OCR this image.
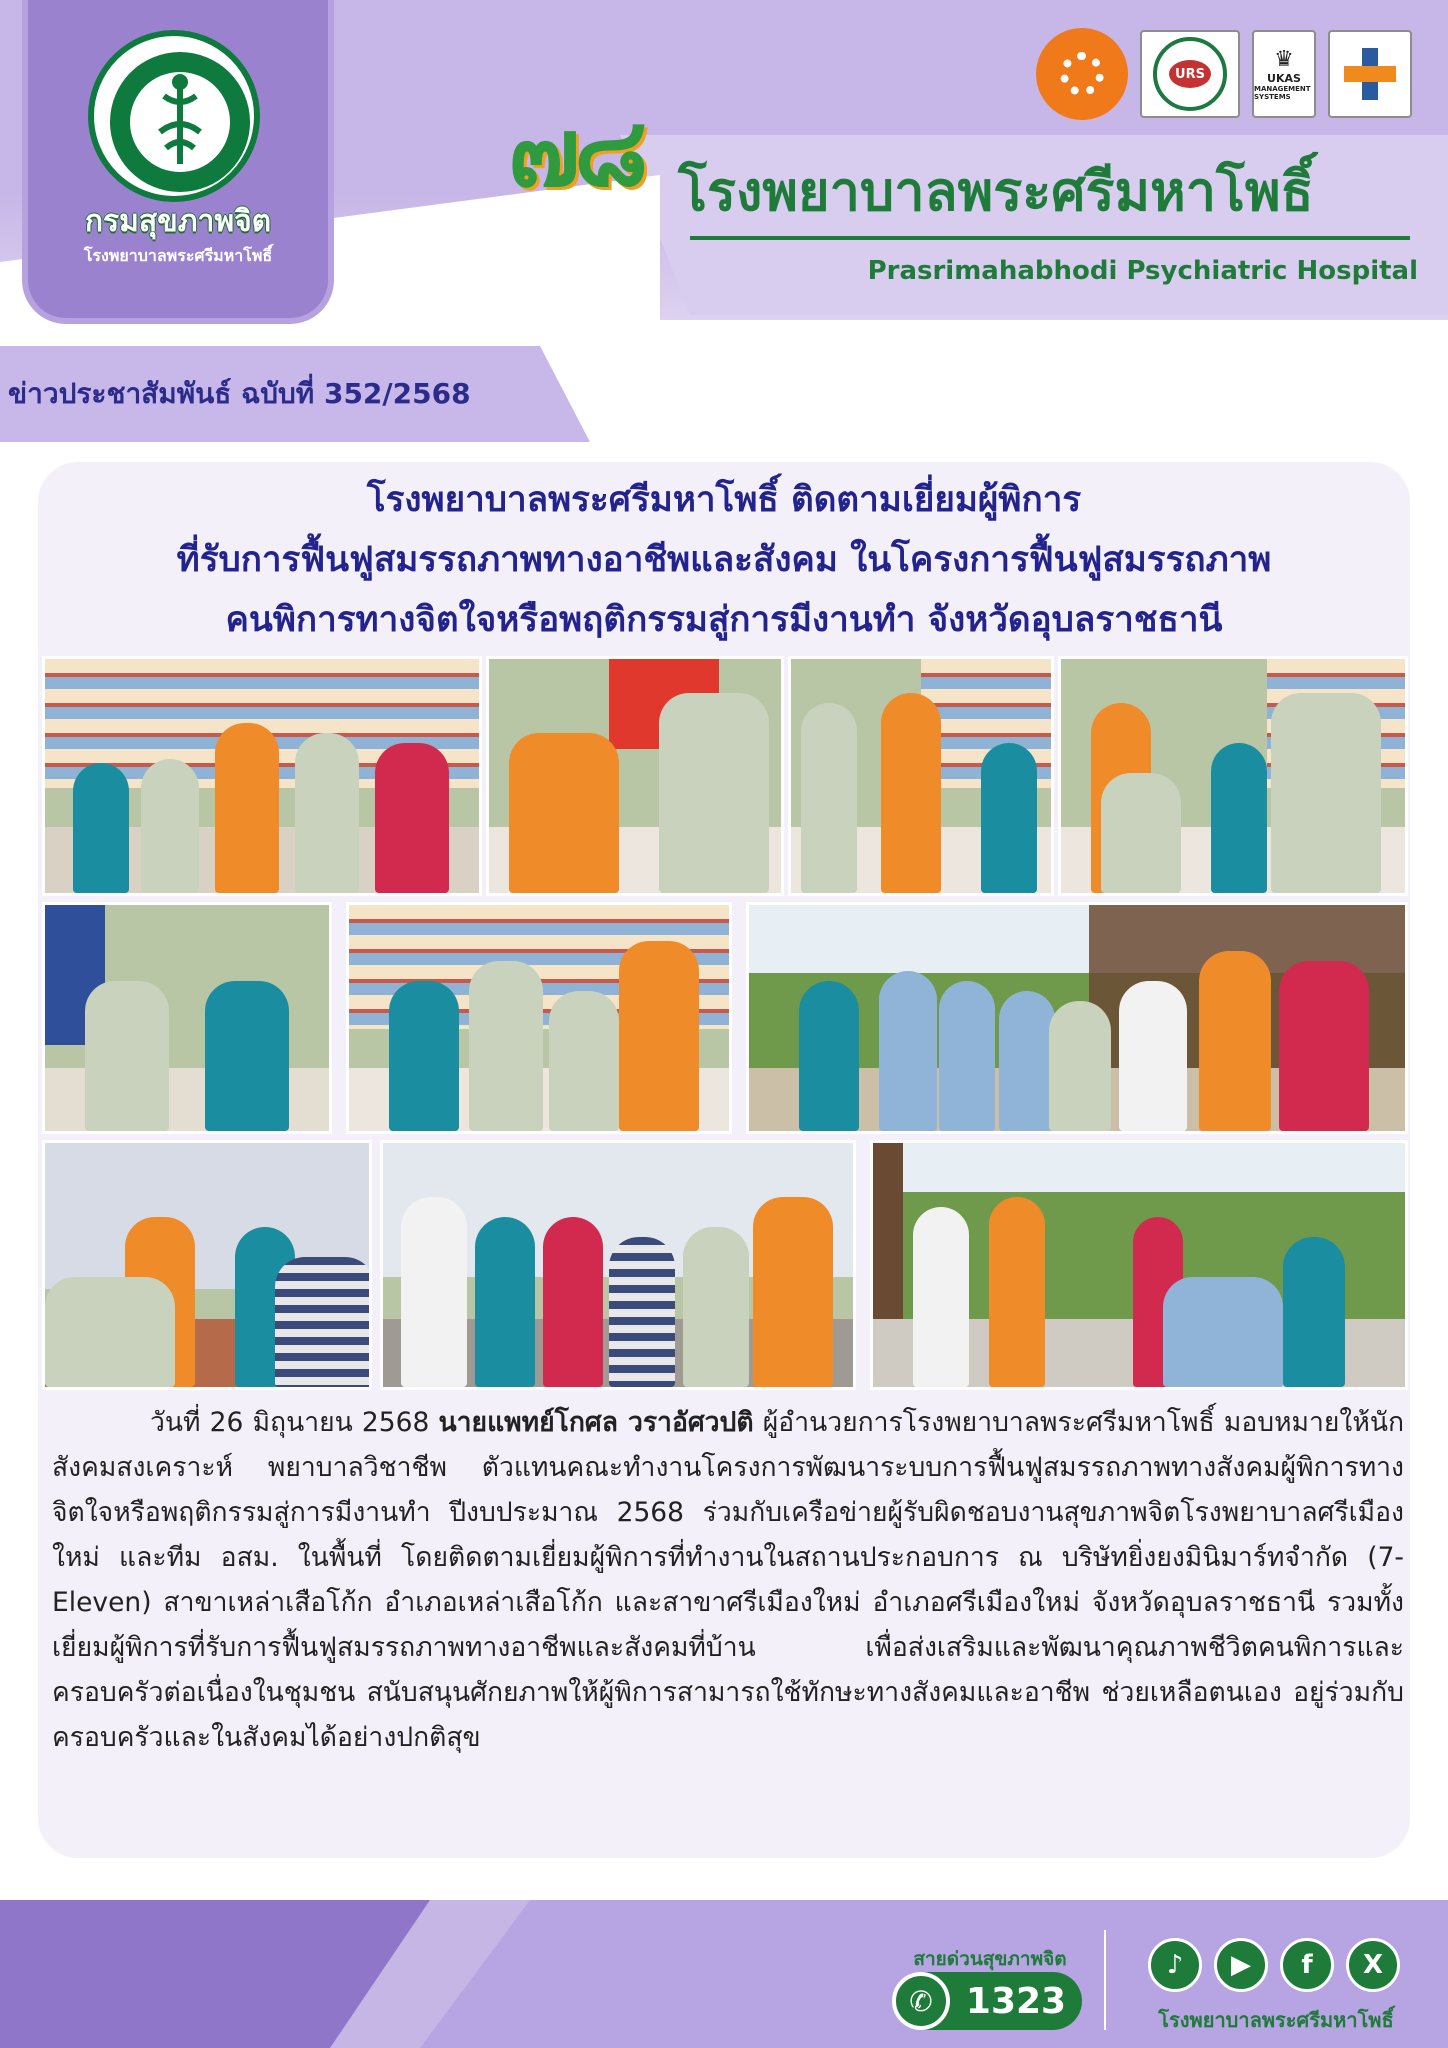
กรมสุขภาพจิต
โรงพยาบาลพระศรีมหาโพธิ์
๗๘ โรงพยาบาลพระศรีมหาโพธิ์
Prasrimahabhodi Psychiatric Hospital
URS
♛
UKAS
MANAGEMENT SYSTEMS
ข่าวประชาสัมพันธ์ ฉบับที่ 352/2568
โรงพยาบาลพระศรีมหาโพธิ์ ติดตามเยี่ยมผู้พิการ
ที่รับการฟื้นฟูสมรรถภาพทางอาชีพและสังคม ในโครงการฟื้นฟูสมรรถภาพ
คนพิการทางจิตใจหรือพฤติกรรมสู่การมีงานทำ จังหวัดอุบลราชธานี
วันที่ 26 มิถุนายน 2568 นายแพทย์โกศล วราอัศวปติ ผู้อำนวยการโรงพยาบาลพระศรีมหาโพธิ์ มอบหมายให้นักสังคมสงเคราะห์ พยาบาลวิชาชีพ ตัวแทนคณะทำงานโครงการพัฒนาระบบการฟื้นฟูสมรรถภาพทางสังคมผู้พิการทางจิตใจหรือพฤติกรรมสู่การมีงานทำ ปีงบประมาณ 2568 ร่วมกับเครือข่ายผู้รับผิดชอบงานสุขภาพจิตโรงพยาบาลศรีเมืองใหม่ และทีม อสม. ในพื้นที่ โดยติดตามเยี่ยมผู้พิการที่ทำงานในสถานประกอบการ ณ บริษัทยิ่งยงมินิมาร์ทจำกัด (7-Eleven) สาขาเหล่าเสือโก้ก อำเภอเหล่าเสือโก้ก และสาขาศรีเมืองใหม่ อำเภอศรีเมืองใหม่ จังหวัดอุบลราชธานี รวมทั้งเยี่ยมผู้พิการที่รับการฟื้นฟูสมรรถภาพทางอาชีพและสังคมที่บ้าน เพื่อส่งเสริมและพัฒนาคุณภาพชีวิตคนพิการและครอบครัวต่อเนื่องในชุมชน สนับสนุนศักยภาพให้ผู้พิการสามารถใช้ทักษะทางสังคมและอาชีพ ช่วยเหลือตนเอง อยู่ร่วมกับครอบครัวและในสังคมได้อย่างปกติสุข
สายด่วนสุขภาพจิต
✆ 1323
♪	▶	f	X
โรงพยาบาลพระศรีมหาโพธิ์
